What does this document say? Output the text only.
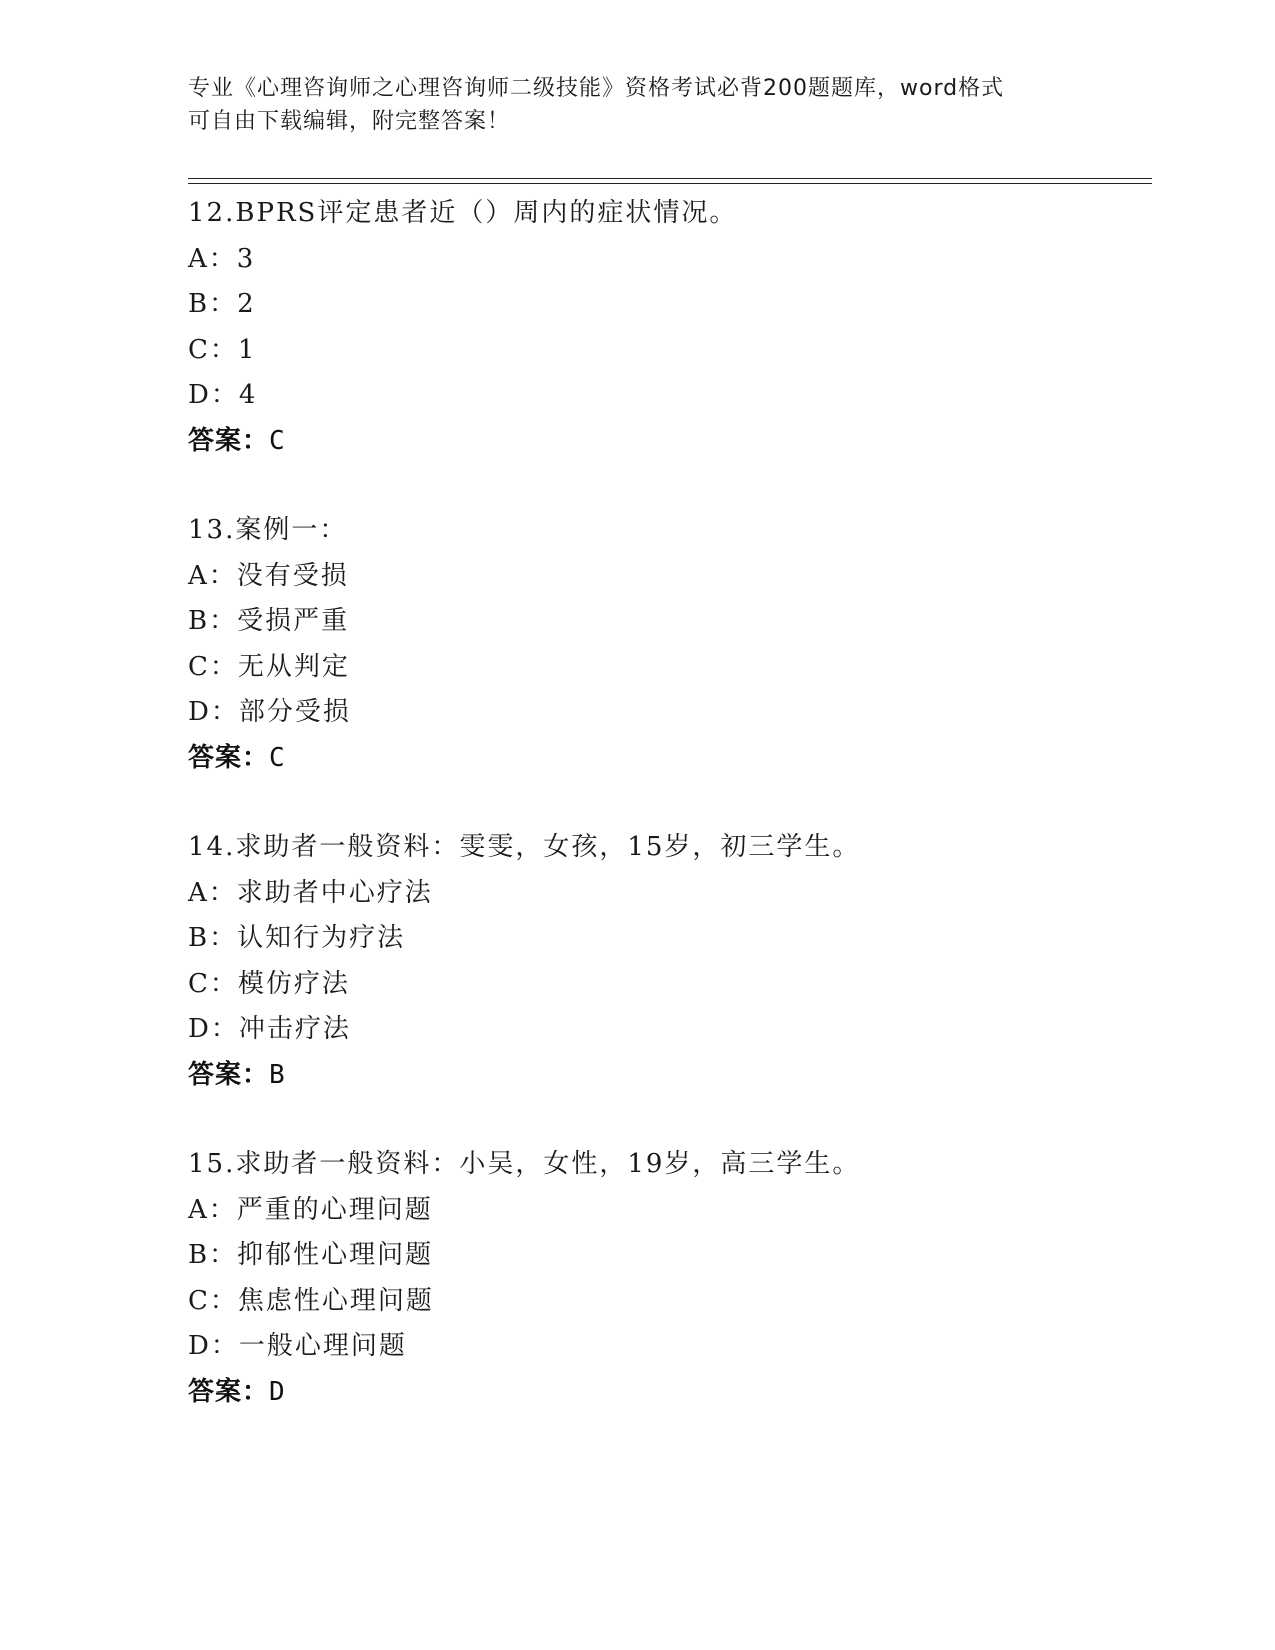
专业《心理咨询师之心理咨询师二级技能》资格考试必背200题题库，word格式
可自由下载编辑，附完整答案！
12.BPRS评定患者近（）周内的症状情况。
A：3
B：2
C：1
D：4
答案：C
13.案例一：
A：没有受损
B：受损严重
C：无从判定
D：部分受损
答案：C
14.求助者一般资料：雯雯，女孩，15岁，初三学生。
A：求助者中心疗法
B：认知行为疗法
C：模仿疗法
D：冲击疗法
答案：B
15.求助者一般资料：小吴，女性，19岁，高三学生。
A：严重的心理问题
B：抑郁性心理问题
C：焦虑性心理问题
D：一般心理问题
答案：D
